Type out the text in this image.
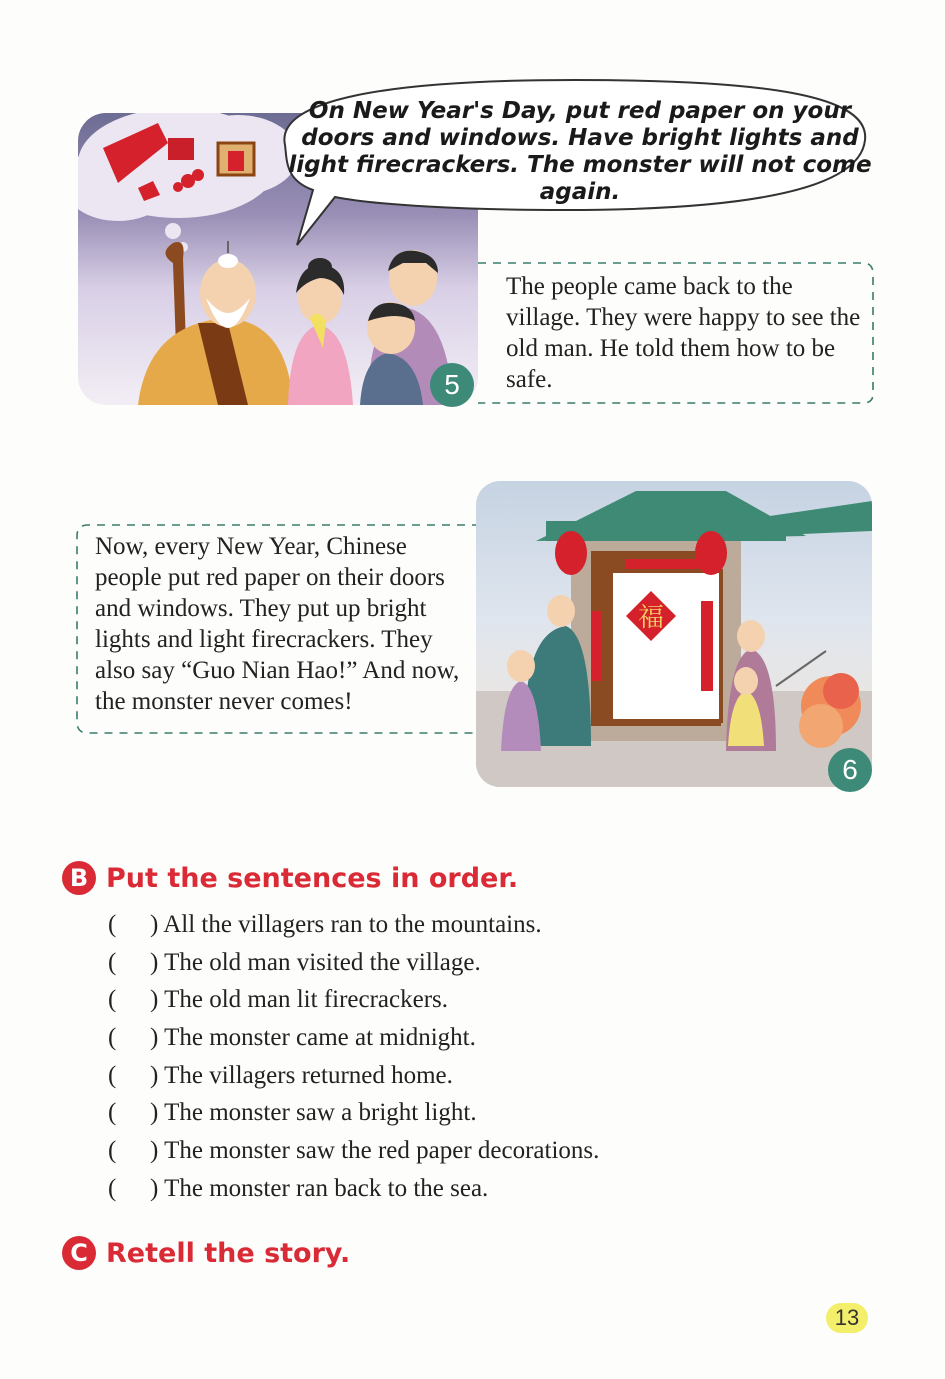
On New Year's Day, put red paper on your doors and windows. Have bright lights and light firecrackers. The monster will not come again.

The people came back to the village. They were happy to see the old man. He told them how to be safe.

5

Now, every New Year, Chinese people put red paper on their doors and windows. They put up bright lights and light firecrackers. They also say “Guo Nian Hao!” And now, the monster never comes!

福
6
B Put the sentences in order.
( ) All the villagers ran to the mountains.
( ) The old man visited the village.
( ) The old man lit firecrackers.
( ) The monster came at midnight.
( ) The villagers returned home.
( ) The monster saw a bright light.
( ) The monster saw the red paper decorations.
( ) The monster ran back to the sea.
C Retell the story.
13
